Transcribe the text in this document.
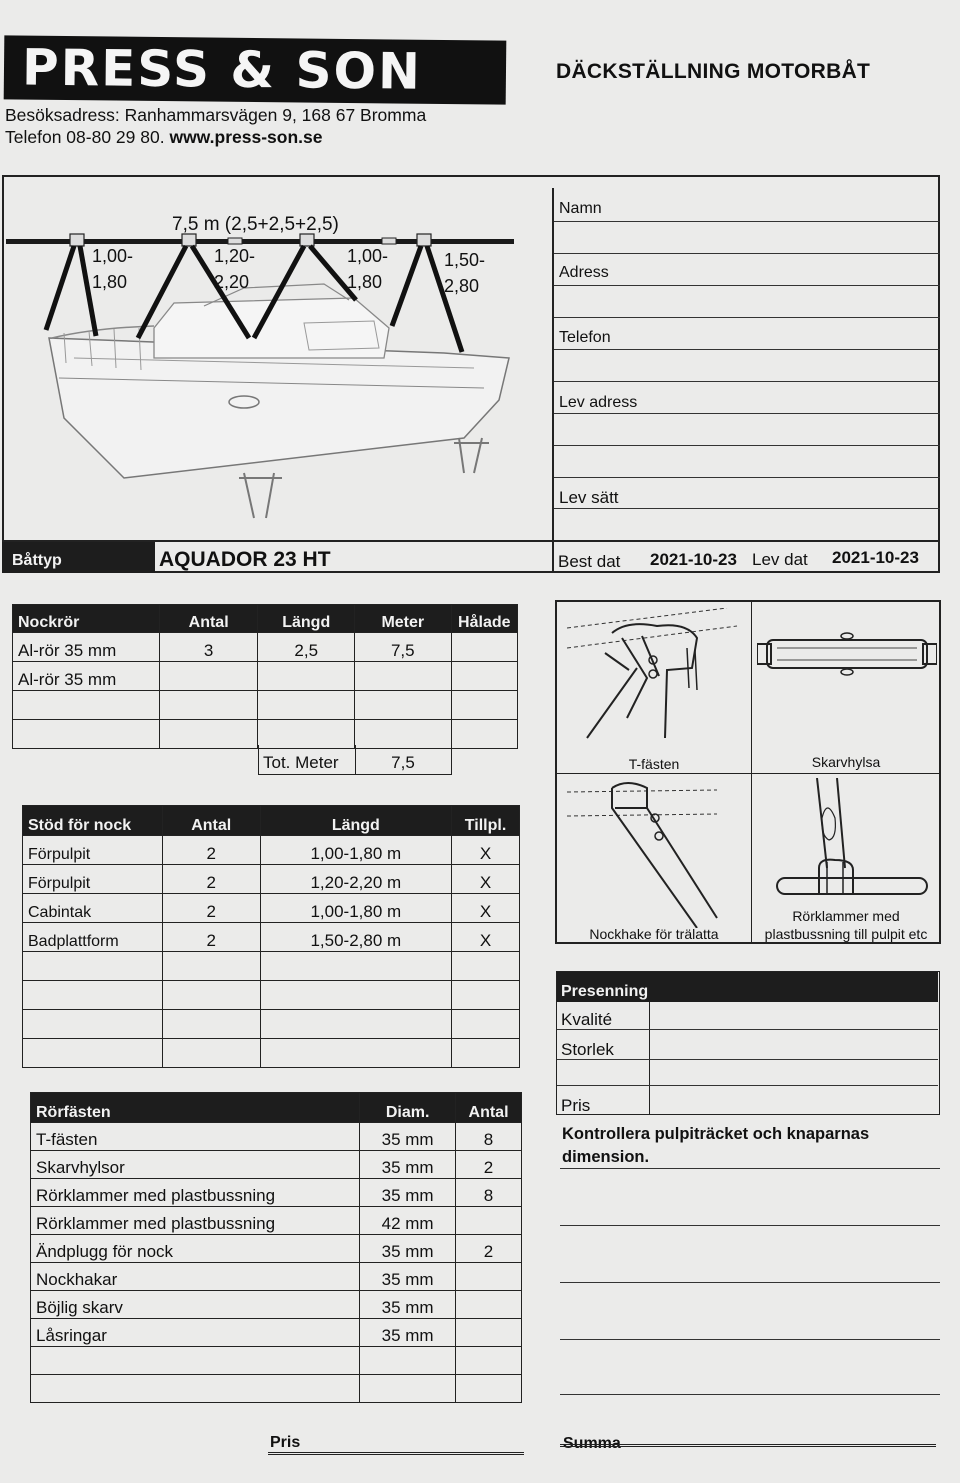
PRESS & SON	DÄCKSTÄLLNING MOTORBÅT
Besöksadress: Ranhammarsvägen 9, 168 67 Bromma
Telefon 08-80 29 80. www.press-son.se
7,5 m (2,5+2,5+2,5)
1,00-
1,80
1,20-
2,20
1,00-
1,80
1,50-
2,80
Namn
Adress
Telefon
Lev adress
Lev sätt
Båttyp	AQUADOR 23 HT	Best dat 2021-10-23 Lev dat 2021-10-23
Nockrör	Antal	Längd	Meter	Hålade
Al-rör 35 mm	3	2,5	7,5	
Al-rör 35 mm				

Tot. Meter	7,5
Stöd för nock	Antal	Längd	Tillpl.
Förpulpit	2	1,00-1,80 m	X
Förpulpit	2	1,20-2,20 m	X
Cabintak	2	1,00-1,80 m	X
Badplattform	2	1,50-2,80 m	X

Rörfästen	Diam.	Antal
T-fästen	35 mm	8
Skarvhylsor	35 mm	2
Rörklammer med plastbussning	35 mm	8
Rörklammer med plastbussning	42 mm	
Ändplugg för nock	35 mm	2
Nockhakar	35 mm	
Böjlig skarv	35 mm	
Låsringar	35 mm	

T-fästen	Skarvhylsa
Nockhake för trälatta
Rörklammer med
plastbussning till pulpit etc
Presenning
Kvalité
Storlek
Pris
Kontrollera pulpiträcket och knaparnas
dimension.
Pris	Summa
